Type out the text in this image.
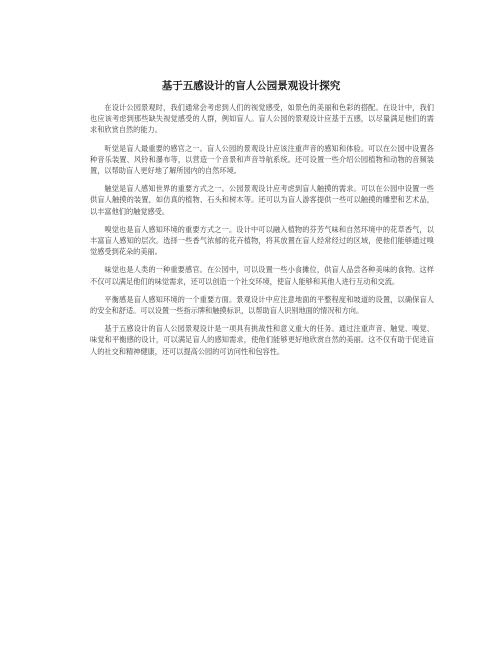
基于五感设计的盲人公园景观设计探究

在设计公园景观时，我们通常会考虑到人们的视觉感受，如景色的美丽和色彩的搭配。在设计中，我们也应该考虑到那些缺失视觉感受的人群，例如盲人。盲人公园的景观设计应基于五感，以尽量满足他们的需求和欣赏自然的能力。

听觉是盲人最重要的感官之一。盲人公园的景观设计应该注重声音的感知和体验。可以在公园中设置各种音乐装置、风铃和瀑布等，以营造一个音景和声音导航系统。还可设置一些介绍公园植物和动物的音频装置，以帮助盲人更好地了解所园内的自然环境。

触觉是盲人感知世界的重要方式之一。公园景观设计应考虑到盲人触摸的需求。可以在公园中设置一些供盲人触摸的装置，如仿真的植物、石头和树木等。还可以为盲人游客提供一些可以触摸的雕塑和艺术品，以丰富他们的触觉感受。

嗅觉也是盲人感知环境的重要方式之一。设计中可以融入植物的芬芳气味和自然环境中的花草香气，以丰富盲人感知的层次。选择一些香气浓郁的花卉植物，将其放置在盲人经常经过的区域，使他们能够通过嗅觉感受到花朵的美丽。

味觉也是人类的一种重要感官。在公园中，可以设置一些小食摊位，供盲人品尝各种美味的食物。这样不仅可以满足他们的味觉需求，还可以创造一个社交环境，使盲人能够和其他人进行互动和交流。

平衡感是盲人感知环境的一个重要方面。景观设计中应注意地面的平整程度和坡道的设置，以确保盲人的安全和舒适。可以设置一些指示牌和触摸标识，以帮助盲人识别地面的情况和方向。

基于五感设计的盲人公园景观设计是一项具有挑战性和意义重大的任务。通过注重声音、触觉、嗅觉、味觉和平衡感的设计，可以满足盲人的感知需求，使他们能够更好地欣赏自然的美丽。这不仅有助于促进盲人的社交和精神健康，还可以提高公园的可访问性和包容性。
